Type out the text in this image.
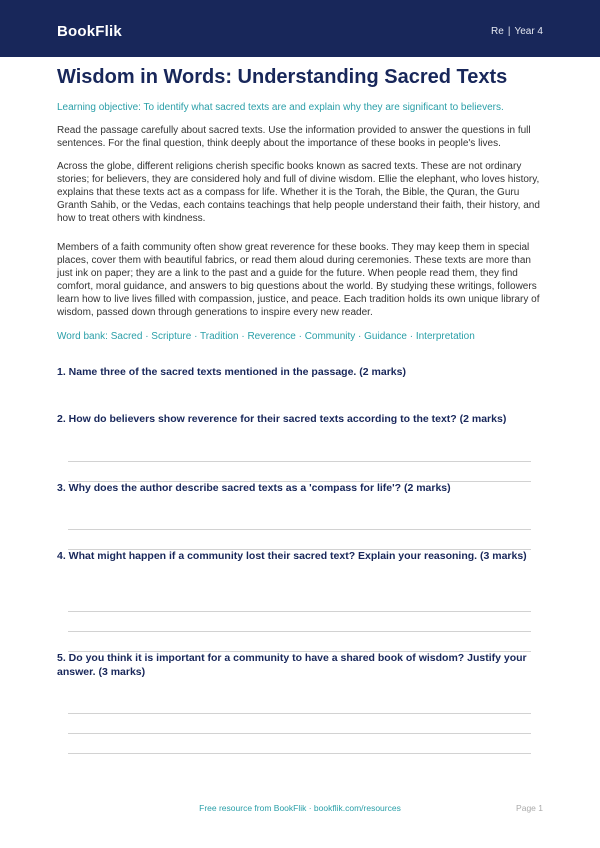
BookFlik	Re | Year 4
Wisdom in Words: Understanding Sacred Texts
Learning objective: To identify what sacred texts are and explain why they are significant to believers.
Read the passage carefully about sacred texts. Use the information provided to answer the questions in full sentences. For the final question, think deeply about the importance of these books in people's lives.
Across the globe, different religions cherish specific books known as sacred texts. These are not ordinary stories; for believers, they are considered holy and full of divine wisdom. Ellie the elephant, who loves history, explains that these texts act as a compass for life. Whether it is the Torah, the Bible, the Quran, the Guru Granth Sahib, or the Vedas, each contains teachings that help people understand their faith, their history, and how to treat others with kindness.
Members of a faith community often show great reverence for these books. They may keep them in special places, cover them with beautiful fabrics, or read them aloud during ceremonies. These texts are more than just ink on paper; they are a link to the past and a guide for the future. When people read them, they find comfort, moral guidance, and answers to big questions about the world. By studying these writings, followers learn how to live lives filled with compassion, justice, and peace. Each tradition holds its own unique library of wisdom, passed down through generations to inspire every new reader.
Word bank: Sacred · Scripture · Tradition · Reverence · Community · Guidance · Interpretation
1. Name three of the sacred texts mentioned in the passage. (2 marks)
2. How do believers show reverence for their sacred texts according to the text? (2 marks)
3. Why does the author describe sacred texts as a 'compass for life'? (2 marks)
4. What might happen if a community lost their sacred text? Explain your reasoning. (3 marks)
5. Do you think it is important for a community to have a shared book of wisdom? Justify your answer. (3 marks)
Free resource from BookFlik · bookflik.com/resources	Page 1
